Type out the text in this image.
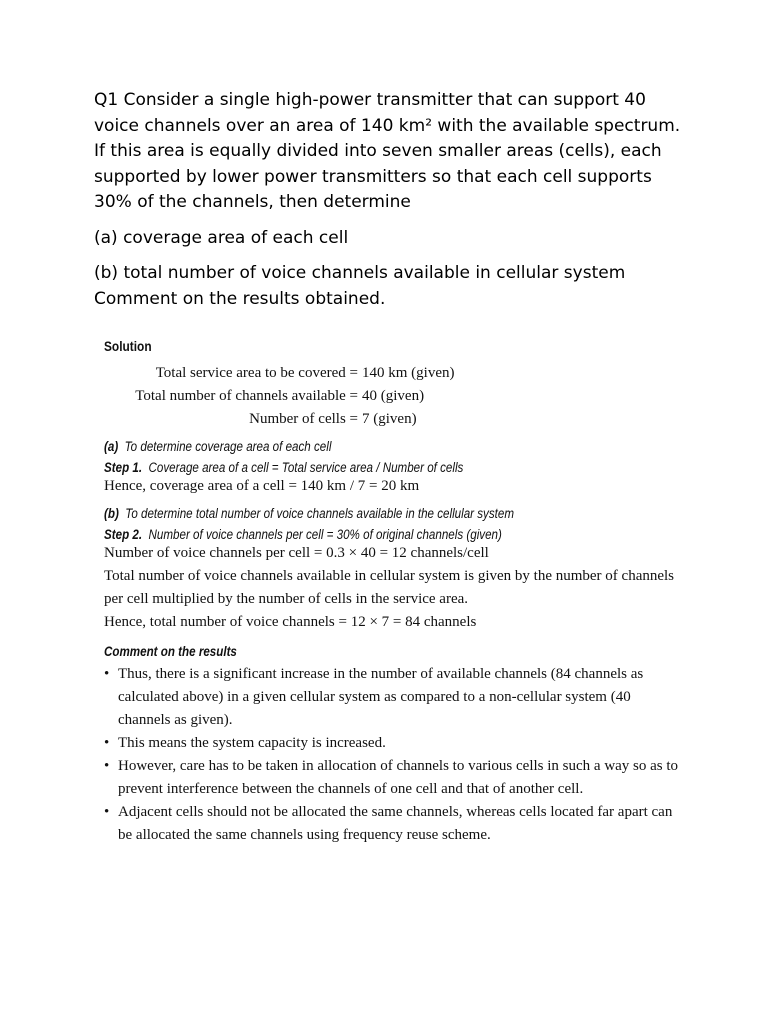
Q1 Consider a single high-power transmitter that can support 40 voice channels over an area of 140 km² with the available spectrum. If this area is equally divided into seven smaller areas (cells), each supported by lower power transmitters so that each cell supports 30% of the channels, then determine

(a) coverage area of each cell

(b) total number of voice channels available in cellular system

Comment on the results obtained.

Solution
Total service area to be covered = 140 km (given)
Total number of channels available = 40 (given)
Number of cells = 7 (given)
(a) To determine coverage area of each cell
Step 1. Coverage area of a cell = Total service area / Number of cells

Hence, coverage area of a cell = 140 km / 7 = 20 km

(b) To determine total number of voice channels available in the cellular system
Step 2. Number of voice channels per cell = 30% of original channels (given)

Number of voice channels per cell = 0.3 × 40 = 12 channels/cell

Total number of voice channels available in cellular system is given by the number of channels per cell multiplied by the number of cells in the service area.

Hence, total number of voice channels = 12 × 7 = 84 channels

Comment on the results
• Thus, there is a significant increase in the number of available channels (84 channels as calculated above) in a given cellular system as compared to a non-cellular system (40 channels as given).
• This means the system capacity is increased.
• However, care has to be taken in allocation of channels to various cells in such a way so as to prevent interference between the channels of one cell and that of another cell.
• Adjacent cells should not be allocated the same channels, whereas cells located far apart can be allocated the same channels using frequency reuse scheme.
